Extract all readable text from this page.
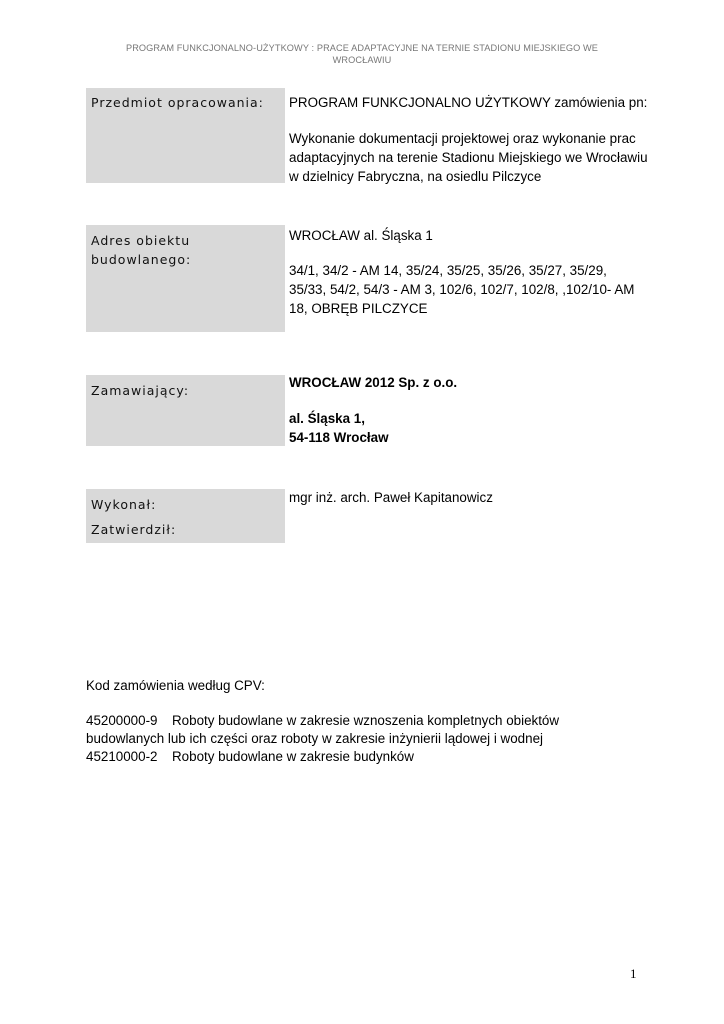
PROGRAM FUNKCJONALNO-UŻYTKOWY : PRACE ADAPTACYJNE NA TERNIE STADIONU MIEJSKIEGO WE
WROCŁAWIU
Przedmiot opracowania: PROGRAM FUNKCJONALNO UŻYTKOWY zamówienia pn:
Wykonanie dokumentacji projektowej oraz wykonanie prac
adaptacyjnych na terenie Stadionu Miejskiego we Wrocławiu
w dzielnicy Fabryczna, na osiedlu Pilczyce
Adres obiektu
budowlanego:
WROCŁAW al. Śląska 1
34/1, 34/2 - AM 14, 35/24, 35/25, 35/26, 35/27, 35/29,
35/33, 54/2, 54/3 - AM 3, 102/6, 102/7, 102/8, ,102/10- AM
18, OBRĘB PILCZYCE
Zamawiający:
WROCŁAW 2012 Sp. z o.o.
al. Śląska 1,
54-118 Wrocław
Wykonał:
Zatwierdził:
mgr inż. arch. Paweł Kapitanowicz
Kod zamówienia według CPV:
45200000-9 Roboty budowlane w zakresie wznoszenia kompletnych obiektów
budowlanych lub ich części oraz roboty w zakresie inżynierii lądowej i wodnej
45210000-2 Roboty budowlane w zakresie budynków
1
